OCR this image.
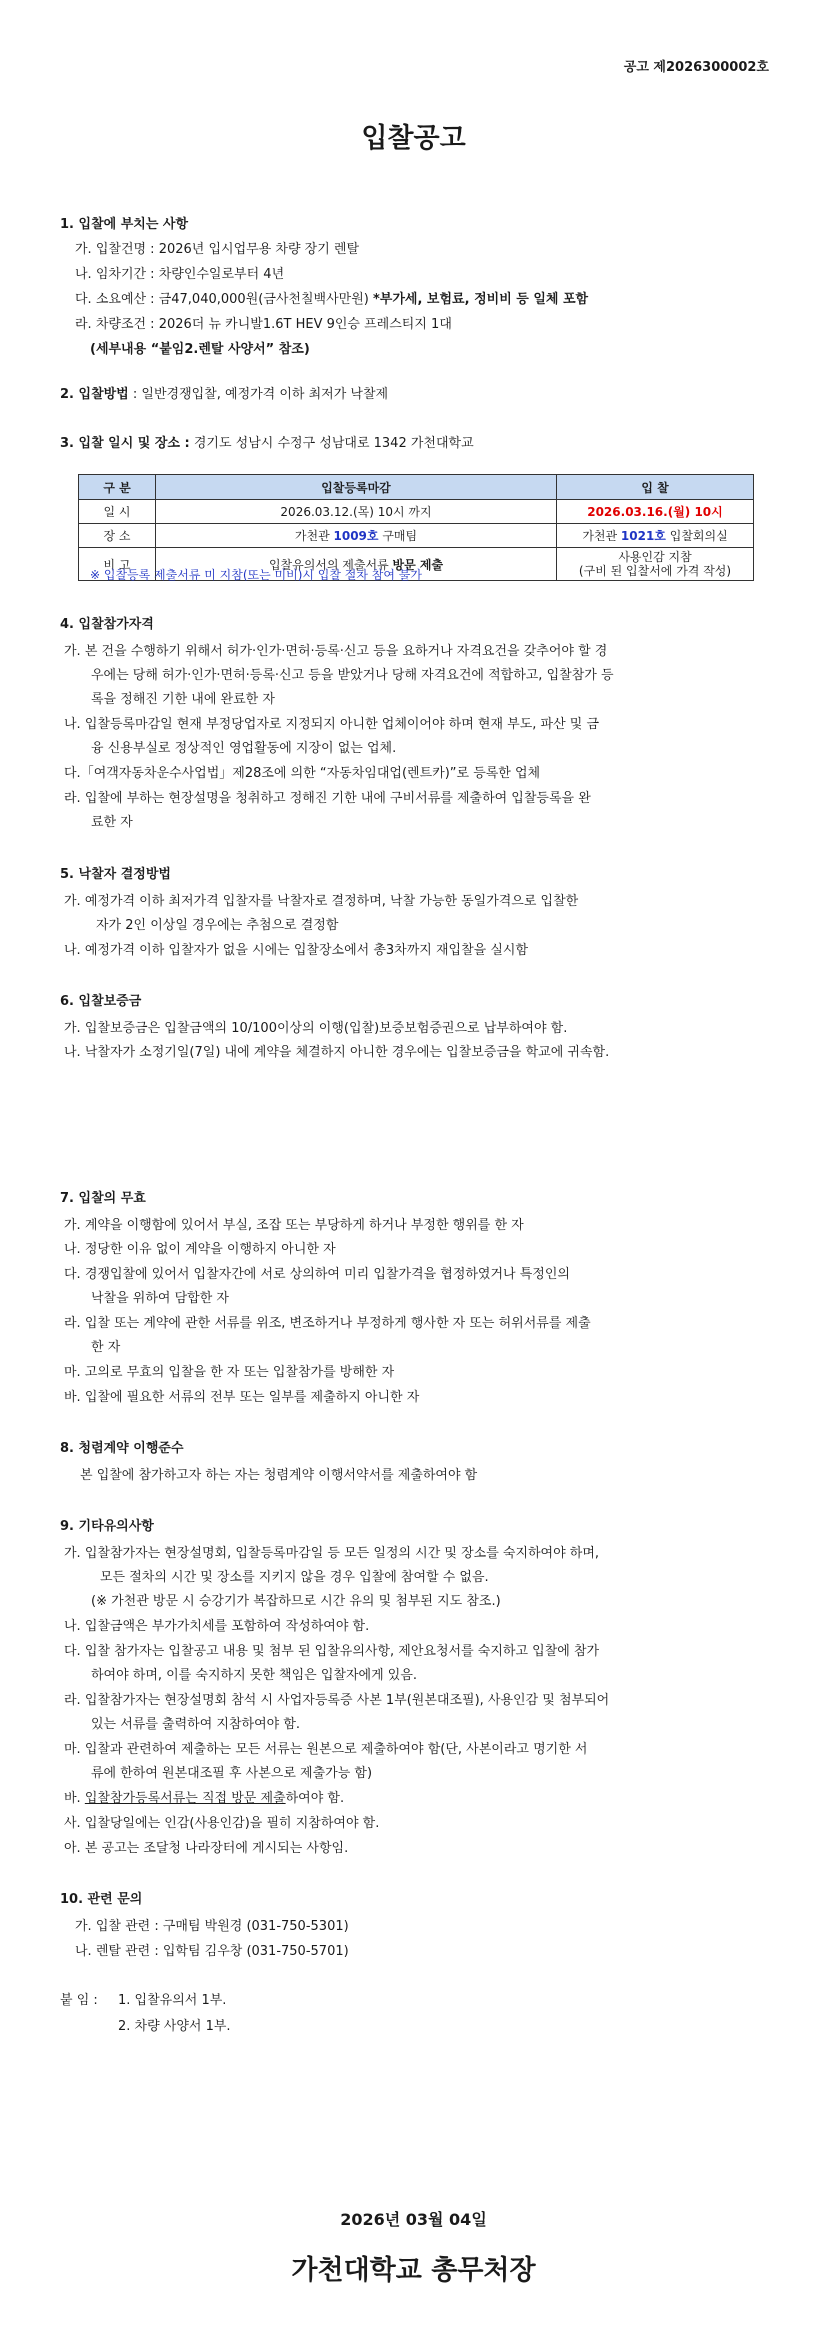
공고 제2026300002호
입찰공고
1. 입찰에 부치는 사항
가. 입찰건명 : 2026년 입시업무용 차량 장기 렌탈
나. 임차기간 : 차량인수일로부터 4년
다. 소요예산 : 금47,040,000원(금사천칠백사만원) *부가세, 보험료, 정비비 등 일체 포함
라. 차량조건 : 2026더 뉴 카니발1.6T HEV 9인승 프레스티지 1대
(세부내용 “붙임2.렌탈 사양서” 참조)
2. 입찰방법 : 일반경쟁입찰, 예정가격 이하 최저가 낙찰제
3. 입찰 일시 및 장소 : 경기도 성남시 수정구 성남대로 1342 가천대학교
구 분	입찰등록마감	입 찰
일 시	2026.03.12.(목) 10시 까지	2026.03.16.(월) 10시
장 소	가천관 1009호 구매팀	가천관 1021호 입찰회의실
비 고	입찰유의서의 제출서류 방문 제출	사용인감 지참
(구비 된 입찰서에 가격 작성)
※ 입찰등록 제출서류 미 지참(또는 미비)시 입찰 절차 참여 불가
4. 입찰참가자격
가. 본 건을 수행하기 위해서 허가·인가·면허·등록·신고 등을 요하거나 자격요건을 갖추어야 할 경
우에는 당해 허가·인가·면허·등록·신고 등을 받았거나 당해 자격요건에 적합하고, 입찰참가 등
록을 정해진 기한 내에 완료한 자
나. 입찰등록마감일 현재 부정당업자로 지정되지 아니한 업체이어야 하며 현재 부도, 파산 및 금
융 신용부실로 정상적인 영업활동에 지장이 없는 업체.
다.「여객자동차운수사업법」제28조에 의한 “자동차임대업(렌트카)”로 등록한 업체
라. 입찰에 부하는 현장설명을 청취하고 정해진 기한 내에 구비서류를 제출하여 입찰등록을 완
료한 자
5. 낙찰자 결정방법
가. 예정가격 이하 최저가격 입찰자를 낙찰자로 결정하며, 낙찰 가능한 동일가격으로 입찰한
자가 2인 이상일 경우에는 추첨으로 결정함
나. 예정가격 이하 입찰자가 없을 시에는 입찰장소에서 총3차까지 재입찰을 실시함
6. 입찰보증금
가. 입찰보증금은 입찰금액의 10/100이상의 이행(입찰)보증보험증권으로 납부하여야 함.
나. 낙찰자가 소정기일(7일) 내에 계약을 체결하지 아니한 경우에는 입찰보증금을 학교에 귀속함.
7. 입찰의 무효
가. 계약을 이행함에 있어서 부실, 조잡 또는 부당하게 하거나 부정한 행위를 한 자
나. 정당한 이유 없이 계약을 이행하지 아니한 자
다. 경쟁입찰에 있어서 입찰자간에 서로 상의하여 미리 입찰가격을 협정하였거나 특정인의
낙찰을 위하여 담합한 자
라. 입찰 또는 계약에 관한 서류를 위조, 변조하거나 부정하게 행사한 자 또는 허위서류를 제출
한 자
마. 고의로 무효의 입찰을 한 자 또는 입찰참가를 방해한 자
바. 입찰에 필요한 서류의 전부 또는 일부를 제출하지 아니한 자
8. 청렴계약 이행준수
본 입찰에 참가하고자 하는 자는 청렴계약 이행서약서를 제출하여야 함
9. 기타유의사항
가. 입찰참가자는 현장설명회, 입찰등록마감일 등 모든 일정의 시간 및 장소를 숙지하여야 하며,
모든 절차의 시간 및 장소를 지키지 않을 경우 입찰에 참여할 수 없음.
(※ 가천관 방문 시 승강기가 복잡하므로 시간 유의 및 첨부된 지도 참조.)
나. 입찰금액은 부가가치세를 포함하여 작성하여야 함.
다. 입찰 참가자는 입찰공고 내용 및 첨부 된 입찰유의사항, 제안요청서를 숙지하고 입찰에 참가
하여야 하며, 이를 숙지하지 못한 책임은 입찰자에게 있음.
라. 입찰참가자는 현장설명회 참석 시 사업자등록증 사본 1부(원본대조필), 사용인감 및 첨부되어
있는 서류를 출력하여 지참하여야 함.
마. 입찰과 관련하여 제출하는 모든 서류는 원본으로 제출하여야 함(단, 사본이라고 명기한 서
류에 한하여 원본대조필 후 사본으로 제출가능 함)
바. 입찰참가등록서류는 직접 방문 제출하여야 함.
사. 입찰당일에는 인감(사용인감)을 필히 지참하여야 함.
아. 본 공고는 조달청 나라장터에 게시되는 사항임.
10. 관련 문의
가. 입찰 관련 : 구매팀 박원경 (031-750-5301)
나. 렌탈 관련 : 입학팀 김우창 (031-750-5701)
붙 임 : 1. 입찰유의서 1부.
2. 차량 사양서 1부.
2026년 03월 04일
가천대학교 총무처장
